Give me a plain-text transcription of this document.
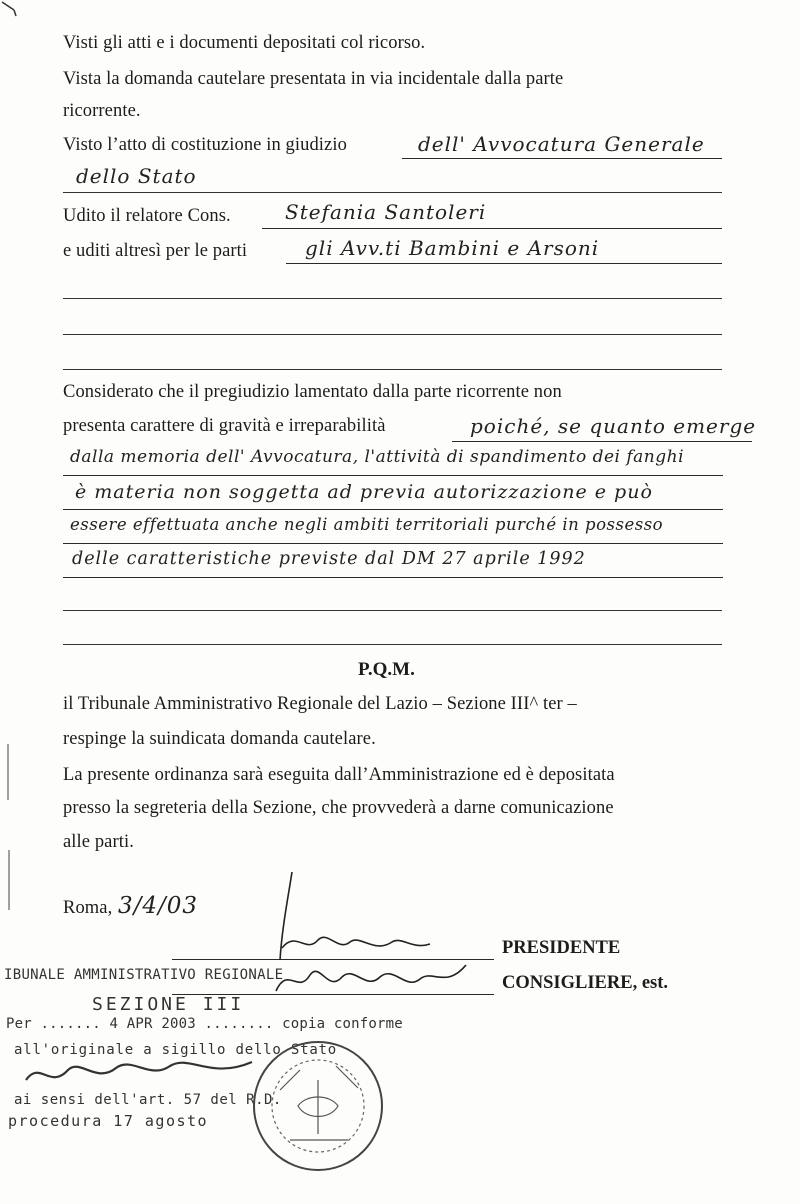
Visti gli atti e i documenti depositati col ricorso.
Vista la domanda cautelare presentata in via incidentale dalla parte
ricorrente.
Visto l’atto di costituzione in giudizio	dell' Avvocatura Generale
dello Stato
Udito il relatore Cons.	Stefania Santoleri
e uditi altresì per le parti	gli Avv.ti Bambini e Arsoni
Considerato che il pregiudizio lamentato dalla parte ricorrente non
presenta carattere di gravità e irreparabilità	poiché, se quanto emerge
dalla memoria dell' Avvocatura, l'attività di spandimento dei fanghi
è materia non soggetta ad previa autorizzazione e può
essere effettuata anche negli ambiti territoriali purché in possesso
delle caratteristiche previste dal DM 27 aprile 1992
P.Q.M.
il Tribunale Amministrativo Regionale del Lazio – Sezione III^ ter –
respinge la suindicata domanda cautelare.
La presente ordinanza sarà eseguita dall’Amministrazione ed è depositata
presso la segreteria della Sezione, che provvederà a darne comunicazione
alle parti.
Roma, 3/4/03
PRESIDENTE
CONSIGLIERE, est.
IBUNALE AMMINISTRATIVO REGIONALE
SEZIONE III
Per ....... 4 APR 2003 ........ copia conforme
all'originale a sigillo dello Stato
ai sensi dell'art. 57 del R.D.
procedura 17 agosto
